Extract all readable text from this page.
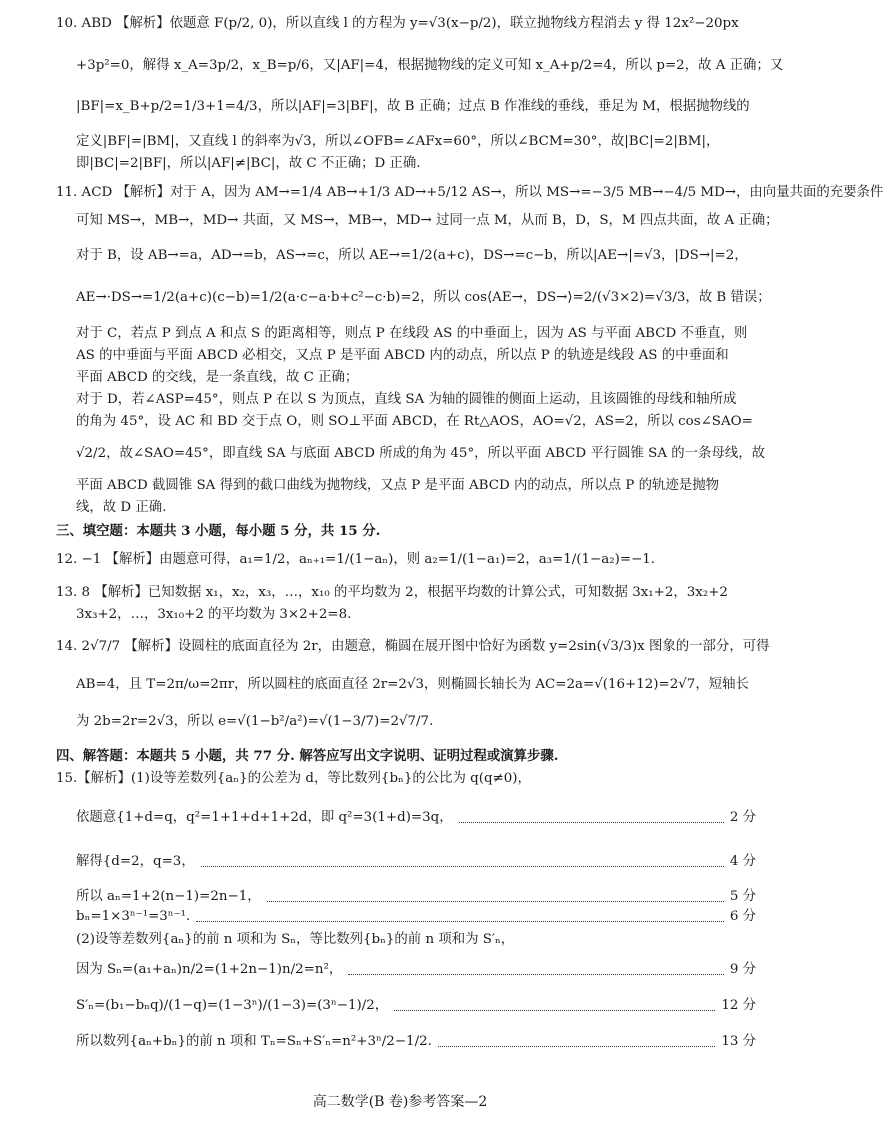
10. ABD 【解析】依题意 F(p/2, 0)，所以直线 l 的方程为 y=√3(x−p/2)，联立抛物线方程消去 y 得 12x²−20px
+3p²=0，解得 x_A=3p/2，x_B=p/6，又|AF|=4，根据抛物线的定义可知 x_A+p/2=4，所以 p=2，故 A 正确；又
|BF|=x_B+p/2=1/3+1=4/3，所以|AF|=3|BF|，故 B 正确；过点 B 作准线的垂线，垂足为 M，根据抛物线的
定义|BF|=|BM|，又直线 l 的斜率为√3，所以∠OFB=∠AFx=60°，所以∠BCM=30°，故|BC|=2|BM|，
即|BC|=2|BF|，所以|AF|≠|BC|，故 C 不正确；D 正确.
11. ACD 【解析】对于 A，因为 AM→=1/4 AB→+1/3 AD→+5/12 AS→，所以 MS→=−3/5 MB→−4/5 MD→，由向量共面的充要条件
可知 MS→，MB→，MD→ 共面，又 MS→，MB→，MD→ 过同一点 M，从而 B，D，S，M 四点共面，故 A 正确；
对于 B，设 AB→=a，AD→=b，AS→=c，所以 AE→=1/2(a+c)，DS→=c−b，所以|AE→|=√3，|DS→|=2，
AE→·DS→=1/2(a+c)(c−b)=1/2(a·c−a·b+c²−c·b)=2，所以 cos⟨AE→，DS→⟩=2/(√3×2)=√3/3，故 B 错误；
对于 C，若点 P 到点 A 和点 S 的距离相等，则点 P 在线段 AS 的中垂面上，因为 AS 与平面 ABCD 不垂直，则
AS 的中垂面与平面 ABCD 必相交，又点 P 是平面 ABCD 内的动点，所以点 P 的轨迹是线段 AS 的中垂面和
平面 ABCD 的交线，是一条直线，故 C 正确；
对于 D，若∠ASP=45°，则点 P 在以 S 为顶点，直线 SA 为轴的圆锥的侧面上运动，且该圆锥的母线和轴所成
的角为 45°，设 AC 和 BD 交于点 O，则 SO⊥平面 ABCD，在 Rt△AOS，AO=√2，AS=2，所以 cos∠SAO=
√2/2，故∠SAO=45°，即直线 SA 与底面 ABCD 所成的角为 45°，所以平面 ABCD 平行圆锥 SA 的一条母线，故
平面 ABCD 截圆锥 SA 得到的截口曲线为抛物线，又点 P 是平面 ABCD 内的动点，所以点 P 的轨迹是抛物
线，故 D 正确.
三、填空题：本题共 3 小题，每小题 5 分，共 15 分.
12. −1 【解析】由题意可得，a₁=1/2，aₙ₊₁=1/(1−aₙ)，则 a₂=1/(1−a₁)=2，a₃=1/(1−a₂)=−1.
13. 8 【解析】已知数据 x₁，x₂，x₃，…，x₁₀ 的平均数为 2，根据平均数的计算公式，可知数据 3x₁+2，3x₂+2
3x₃+2，…，3x₁₀+2 的平均数为 3×2+2=8.
14. 2√7/7 【解析】设圆柱的底面直径为 2r，由题意，椭圆在展开图中恰好为函数 y=2sin(√3/3)x 图象的一部分，可得
AB=4，且 T=2π/ω=2πr，所以圆柱的底面直径 2r=2√3，则椭圆长轴长为 AC=2a=√(16+12)=2√7，短轴长
为 2b=2r=2√3，所以 e=√(1−b²/a²)=√(1−3/7)=2√7/7.
四、解答题：本题共 5 小题，共 77 分. 解答应写出文字说明、证明过程或演算步骤.
15.【解析】(1)设等差数列{aₙ}的公差为 d，等比数列{bₙ}的公比为 q(q≠0)，
依题意{1+d=q，q²=1+1+d+1+2d，即 q²=3(1+d)=3q，	2 分
解得{d=2，q=3，	4 分
所以 aₙ=1+2(n−1)=2n−1，	5 分
bₙ=1×3ⁿ⁻¹=3ⁿ⁻¹.	6 分
(2)设等差数列{aₙ}的前 n 项和为 Sₙ，等比数列{bₙ}的前 n 项和为 S′ₙ，
因为 Sₙ=(a₁+aₙ)n/2=(1+2n−1)n/2=n²，	9 分
S′ₙ=(b₁−bₙq)/(1−q)=(1−3ⁿ)/(1−3)=(3ⁿ−1)/2，	12 分
所以数列{aₙ+bₙ}的前 n 项和 Tₙ=Sₙ+S′ₙ=n²+3ⁿ/2−1/2.	13 分
高二数学(B 卷)参考答案—2
